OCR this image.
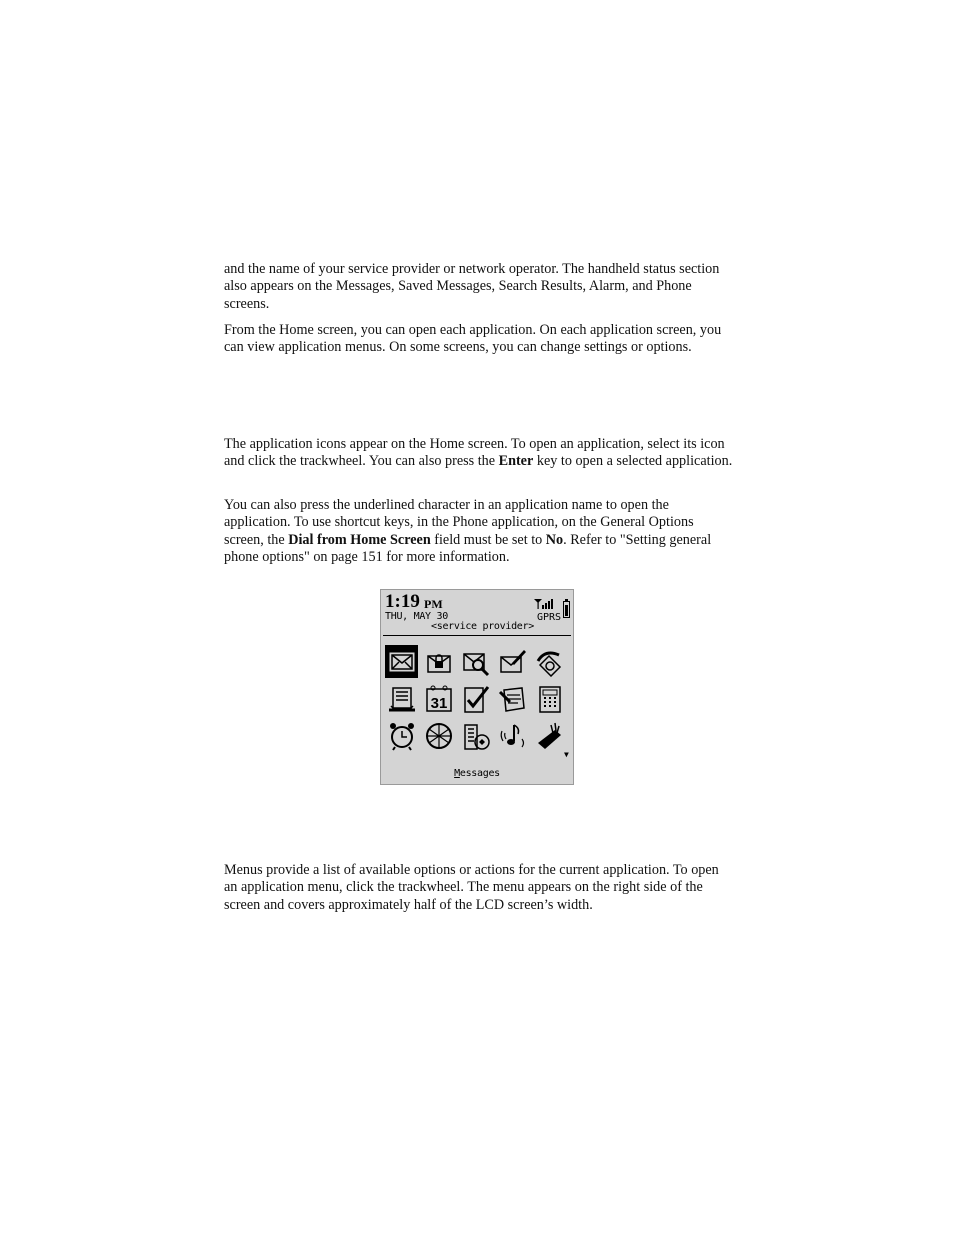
and the name of your service provider or network operator. The handheld status section also appears on the Messages, Saved Messages, Search Results, Alarm, and Phone screens.

From the Home screen, you can open each application. On each application screen, you can view application menus. On some screens, you can change settings or options.

The application icons appear on the Home screen. To open an application, select its icon and click the trackwheel. You can also press the Enter key to open a selected application.

You can also press the underlined character in an application name to open the application. To use shortcut keys, in the Phone application, on the General Options screen, the Dial from Home Screen field must be set to No. Refer to "Setting general phone options" on page 151 for more information.

1:19 PM
THU, MAY 30
<service provider>
GPRS
31
▼
Messages

Menus provide a list of available options or actions for the current application. To open an application menu, click the trackwheel. The menu appears on the right side of the screen and covers approximately half of the LCD screen’s width.
